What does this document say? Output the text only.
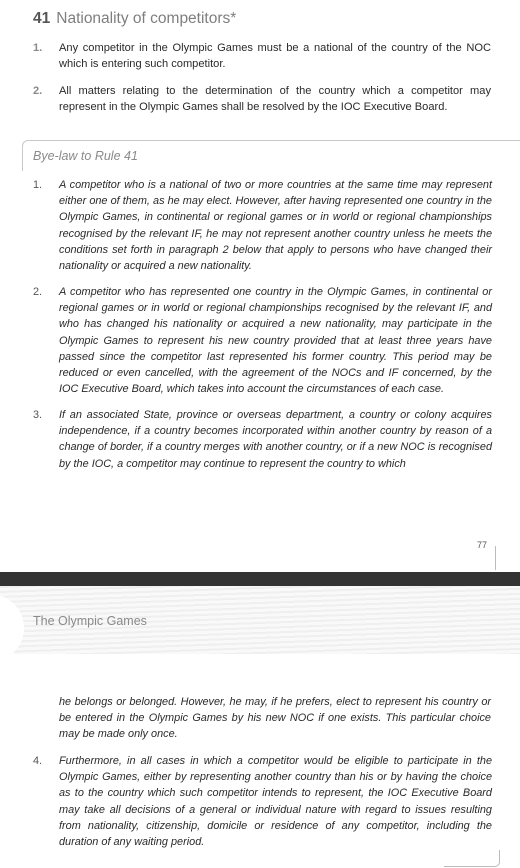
41 Nationality of competitors*
1. Any competitor in the Olympic Games must be a national of the country of the NOC which is entering such competitor.
2. All matters relating to the determination of the country which a competitor may represent in the Olympic Games shall be resolved by the IOC Executive Board.
Bye-law to Rule 41
1. A competitor who is a national of two or more countries at the same time may represent either one of them, as he may elect. However, after having represented one country in the Olympic Games, in continental or regional games or in world or regional championships recognised by the relevant IF, he may not represent another country unless he meets the conditions set forth in paragraph 2 below that apply to persons who have changed their nationality or acquired a new nationality.
2. A competitor who has represented one country in the Olympic Games, in continental or regional games or in world or regional championships recognised by the relevant IF, and who has changed his nationality or acquired a new nationality, may participate in the Olympic Games to represent his new country provided that at least three years have passed since the competitor last represented his former country. This period may be reduced or even cancelled, with the agreement of the NOCs and IF concerned, by the IOC Executive Board, which takes into account the circumstances of each case.
3. If an associated State, province or overseas department, a country or colony acquires independence, if a country becomes incorporated within another country by reason of a change of border, if a country merges with another country, or if a new NOC is recognised by the IOC, a competitor may continue to represent the country to which
77
The Olympic Games
he belongs or belonged. However, he may, if he prefers, elect to represent his country or be entered in the Olympic Games by his new NOC if one exists. This particular choice may be made only once.
4. Furthermore, in all cases in which a competitor would be eligible to participate in the Olympic Games, either by representing another country than his or by having the choice as to the country which such competitor intends to represent, the IOC Executive Board may take all decisions of a general or individual nature with regard to issues resulting from nationality, citizenship, domicile or residence of any competitor, including the duration of any waiting period.
